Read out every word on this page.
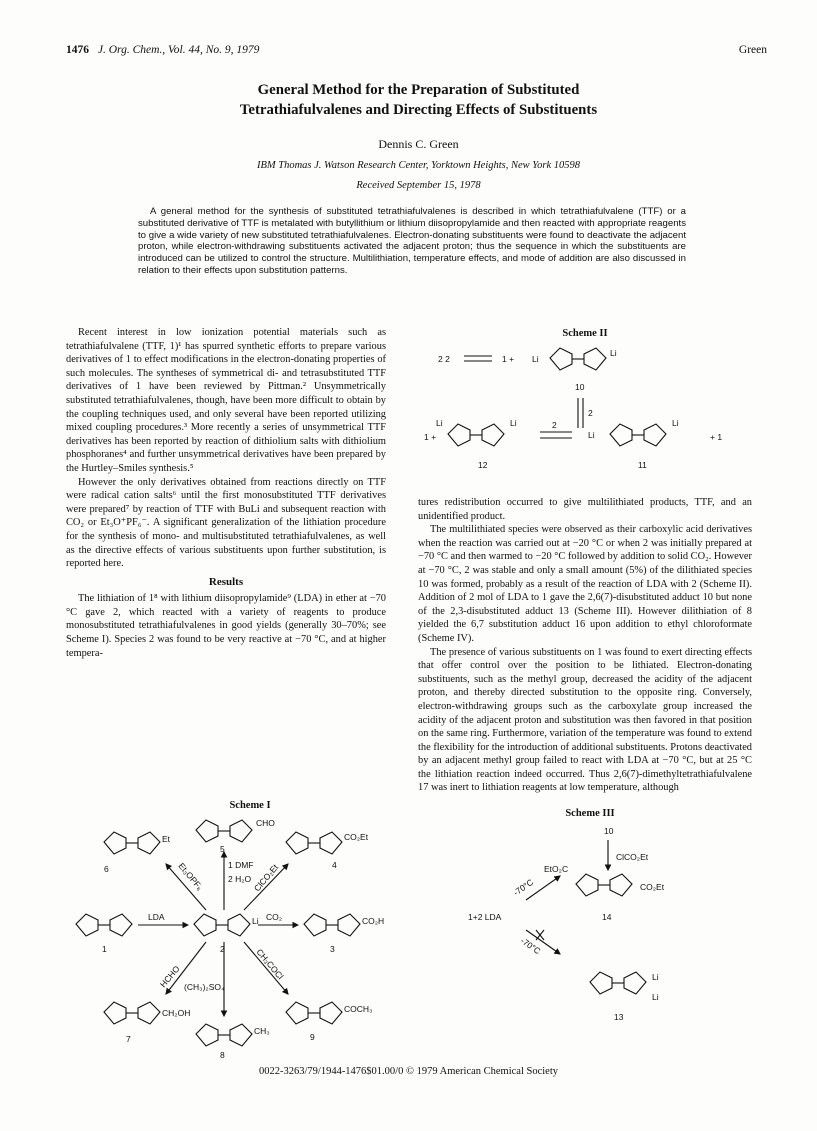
1476 J. Org. Chem., Vol. 44, No. 9, 1979	Green
General Method for the Preparation of Substituted
Tetrathiafulvalenes and Directing Effects of Substituents
Dennis C. Green
IBM Thomas J. Watson Research Center, Yorktown Heights, New York 10598
Received September 15, 1978
A general method for the synthesis of substituted tetrathiafulvalenes is described in which tetrathiafulvalene (TTF) or a substituted derivative of TTF is metalated with butyllithium or lithium diisopropylamide and then reacted with appropriate reagents to give a wide variety of new substituted tetrathiafulvalenes. Electron-donating substituents were found to deactivate the adjacent proton, while electron-withdrawing substituents activated the adjacent proton; thus the sequence in which the substituents are introduced can be utilized to control the structure. Multilithiation, temperature effects, and mode of addition are also discussed in relation to their effects upon substitution patterns.

Recent interest in low ionization potential materials such as tetrathiafulvalene (TTF, 1)¹ has spurred synthetic efforts to prepare various derivatives of 1 to effect modifications in the electron-donating properties of such molecules. The syntheses of symmetrical di- and tetrasubstituted TTF derivatives of 1 have been reviewed by Pittman.² Unsymmetrically substituted tetrathiafulvalenes, though, have been more difficult to obtain by the coupling techniques used, and only several have been reported utilizing mixed coupling procedures.³ More recently a series of unsymmetrical TTF derivatives has been reported by reaction of dithiolium salts with dithiolium phosphoranes⁴ and further unsymmetrical derivatives have been prepared by the Hurtley–Smiles synthesis.⁵

However the only derivatives obtained from reactions directly on TTF were radical cation salts⁶ until the first monosubstituted TTF derivatives were prepared⁷ by reaction of TTF with BuLi and subsequent reaction with CO₂ or Et₃O⁺PF₆⁻. A significant generalization of the lithiation procedure for the synthesis of mono- and multisubstituted tetrathiafulvalenes, as well as the directive effects of various substituents upon further substitution, is reported here.

Results

The lithiation of 1⁸ with lithium diisopropylamide⁹ (LDA) in ether at −70 °C gave 2, which reacted with a variety of reagents to produce monosubstituted tetrathiafulvalenes in good yields (generally 30–70%; see Scheme I). Species 2 was found to be very reactive at −70 °C, and at higher tempera-

tures redistribution occurred to give multilithiated products, TTF, and an unidentified product.

The multilithiated species were observed as their carboxylic acid derivatives when the reaction was carried out at −20 °C or when 2 was initially prepared at −70 °C and then warmed to −20 °C followed by addition to solid CO₂. However at −70 °C, 2 was stable and only a small amount (5%) of the dilithiated species 10 was formed, probably as a result of the reaction of LDA with 2 (Scheme II). Addition of 2 mol of LDA to 1 gave the 2,6(7)-disubstituted adduct 10 but none of the 2,3-disubstituted adduct 13 (Scheme III). However dilithiation of 8 yielded the 6,7 substitution adduct 16 upon addition to ethyl chloroformate (Scheme IV).

The presence of various substituents on 1 was found to exert directing effects that offer control over the position to be lithiated. Electron-donating substituents, such as the methyl group, decreased the acidity of the adjacent proton, and thereby directed substitution to the opposite ring. Conversely, electron-withdrawing groups such as the carboxylate group increased the acidity of the adjacent proton and substitution was then favored in that position on the same ring. Furthermore, variation of the temperature was found to extend the flexibility for the introduction of additional substituents. Protons deactivated by an adjacent methyl group failed to react with LDA at −70 °C, but at 25 °C the lithiation reaction indeed occurred. Thus 2,6(7)-dimethyltetrathiafulvalene 17 was inert to lithiation reagents at low temperature, although

Scheme I
CHO
Et	CO₂Et
Li	CO₂H
CH₂OH	COCH₃
CH₃
LDA	CO₂
1 DMF
2 H₂O
Et₃OPF₆	ClCO₂Et
HCHO	CH₃COCl
(CH₃)₂SO₄
5
6	4
1	2	3
7	9
8
Scheme II
2 2	1 + Li
Li
10
2
1 +
Li	Li	2
Li
Li
+ 1
12	11
Scheme III
10
ClCO₂Et
1+2 LDA
-70°C
-70°C
EtO₂C
CO₂Et
14
Li
Li
13
0022-3263/79/1944-1476$01.00/0 © 1979 American Chemical Society
